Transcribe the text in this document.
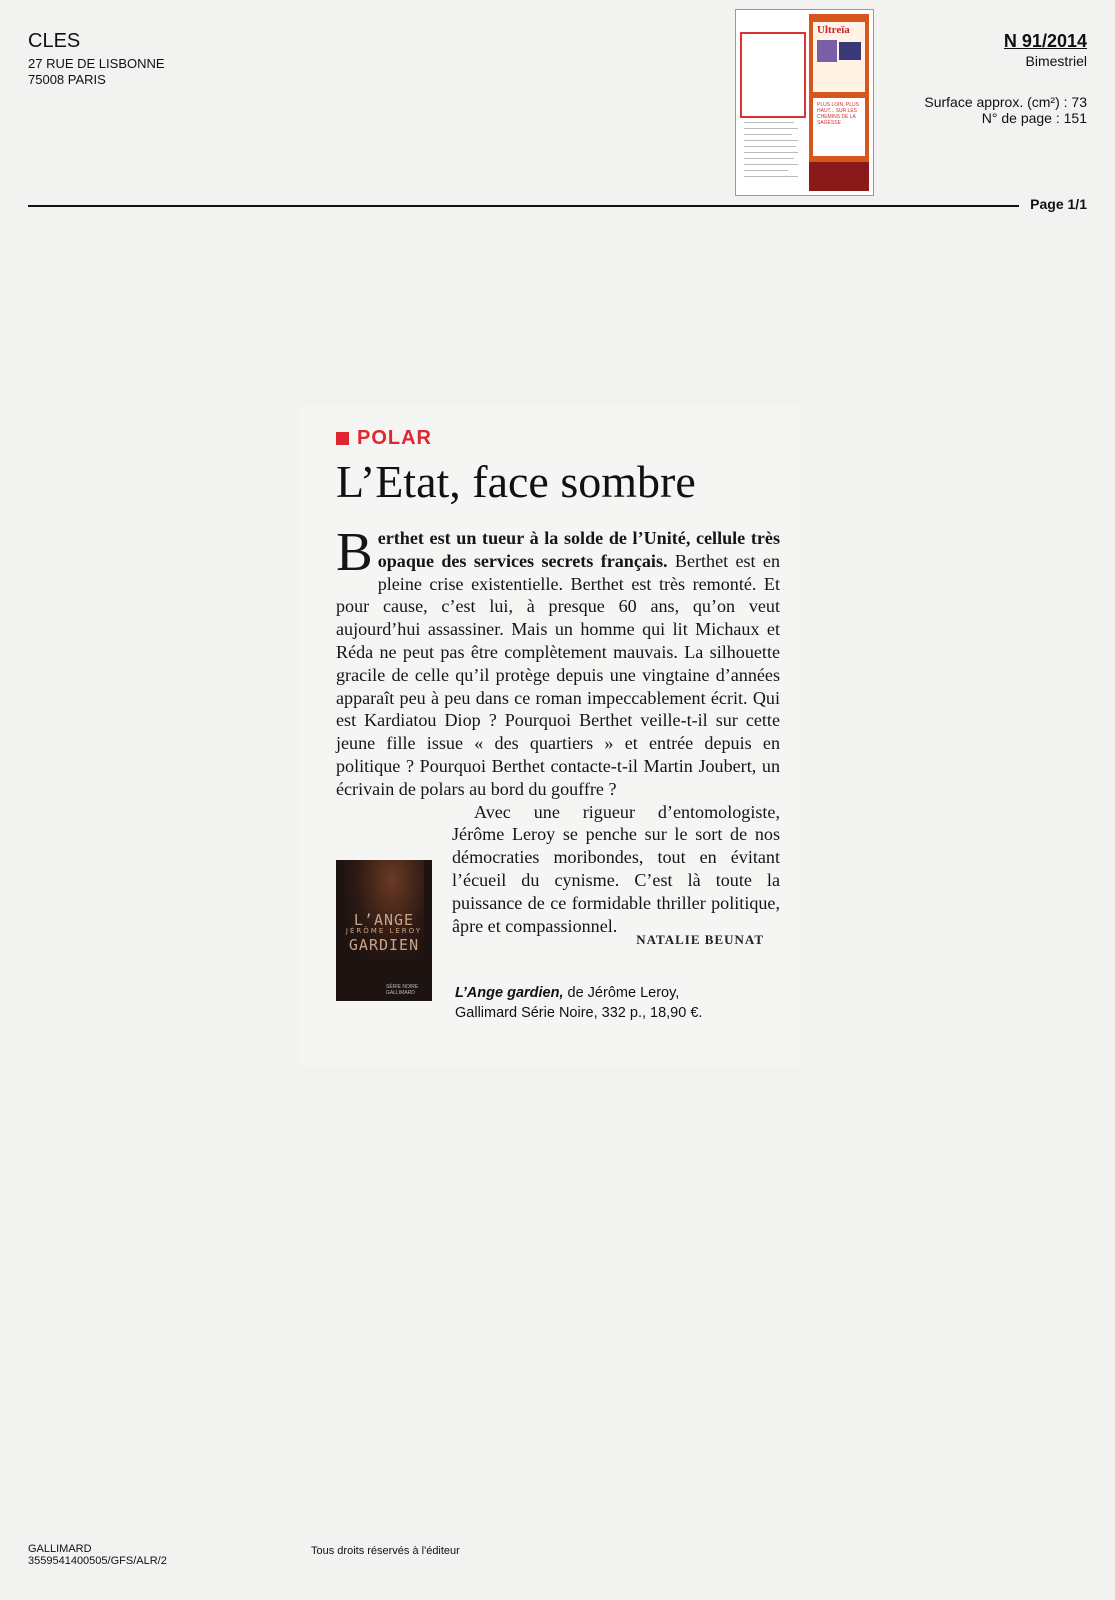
CLES
27 RUE DE LISBONNE
75008 PARIS
Ultreïa
PLUS LOIN, PLUS HAUT... SUR LES CHEMINS DE LA SAGESSE
N 91/2014
Bimestriel
Surface approx. (cm²) : 73
N° de page : 151
Page 1/1
POLAR
L’Etat, face sombre

Berthet est un tueur à la solde de l’Unité, cellule très opaque des services secrets français. Berthet est en pleine crise existentielle. Berthet est très remonté. Et pour cause, c’est lui, à presque 60 ans, qu’on veut aujourd’hui assassiner. Mais un homme qui lit Michaux et Réda ne peut pas être complètement mauvais. La silhouette gracile de celle qu’il protège depuis une vingtaine d’années apparaît peu à peu dans ce roman impeccablement écrit. Qui est Kardiatou Diop ? Pourquoi Berthet veille-t-il sur cette jeune fille issue « des quartiers » et entrée depuis en politique ? Pourquoi Berthet contacte-t-il Martin Joubert, un écrivain de polars au bord du gouffre ?

Avec une rigueur d’entomologiste, Jérôme Leroy se penche sur le sort de nos démocraties moribondes, tout en évitant l’écueil du cynisme. C’est là toute la puissance de ce formidable thriller politique, âpre et compassionnel.

L’ANGE
JÉRÔME LEROY
GARDIEN
SÉRIE NOIRE GALLIMARD
NATALIE BEUNAT
L’Ange gardien, de Jérôme Leroy,
Gallimard Série Noire, 332 p., 18,90 €.
GALLIMARD
3559541400505/GFS/ALR/2
Tous droits réservés à l'éditeur
